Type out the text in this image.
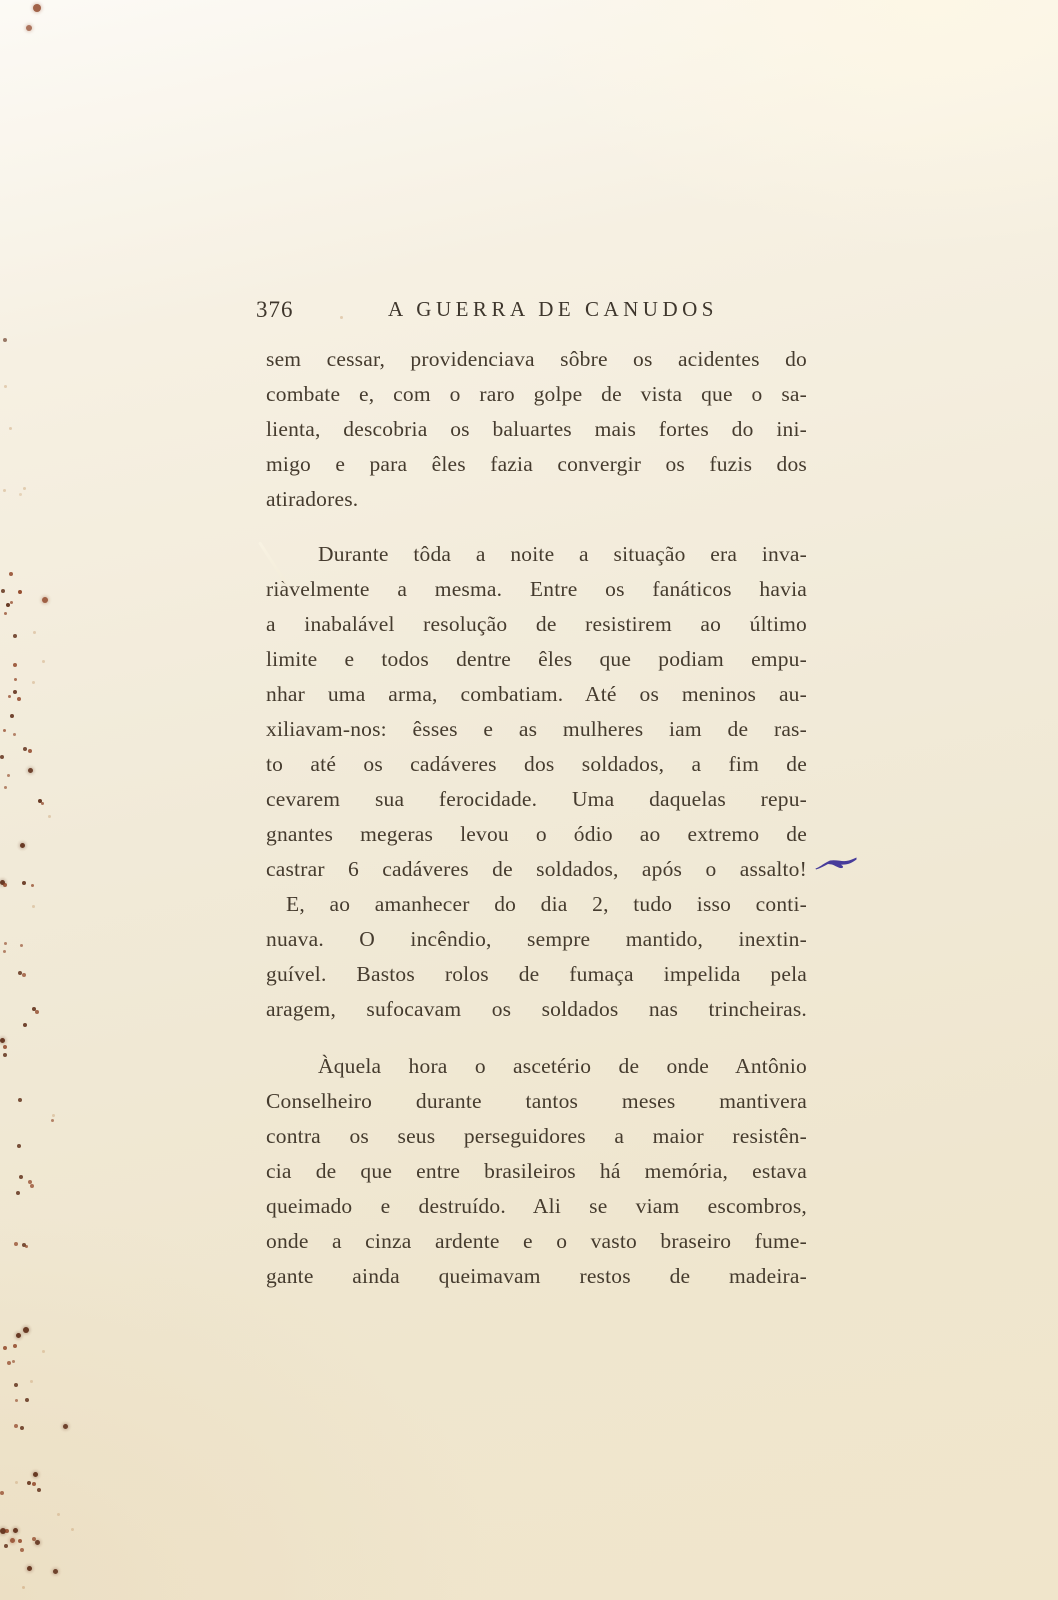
376	A GUERRA DE CANUDOS
sem cessar, providenciava sôbre os acidentes do
combate e, com o raro golpe de vista que o sa-
lienta, descobria os baluartes mais fortes do ini-
migo e para êles fazia convergir os fuzis dos
atiradores.
Durante tôda a noite a situação era inva-
riàvelmente a mesma. Entre os fanáticos havia
a inabalável resolução de resistirem ao último
limite e todos dentre êles que podiam empu-
nhar uma arma, combatiam. Até os meninos au-
xiliavam-nos: êsses e as mulheres iam de ras-
to até os cadáveres dos soldados, a fim de
cevarem sua ferocidade. Uma daquelas repu-
gnantes megeras levou o ódio ao extremo de
castrar 6 cadáveres de soldados, após o assalto!
E, ao amanhecer do dia 2, tudo isso conti-
nuava. O incêndio, sempre mantido, inextin-
guível. Bastos rolos de fumaça impelida pela
aragem, sufocavam os soldados nas trincheiras.
Àquela hora o ascetério de onde Antônio
Conselheiro durante tantos meses mantivera
contra os seus perseguidores a maior resistên-
cia de que entre brasileiros há memória, estava
queimado e destruído. Ali se viam escombros,
onde a cinza ardente e o vasto braseiro fume-
gante ainda queimavam restos de madeira-
